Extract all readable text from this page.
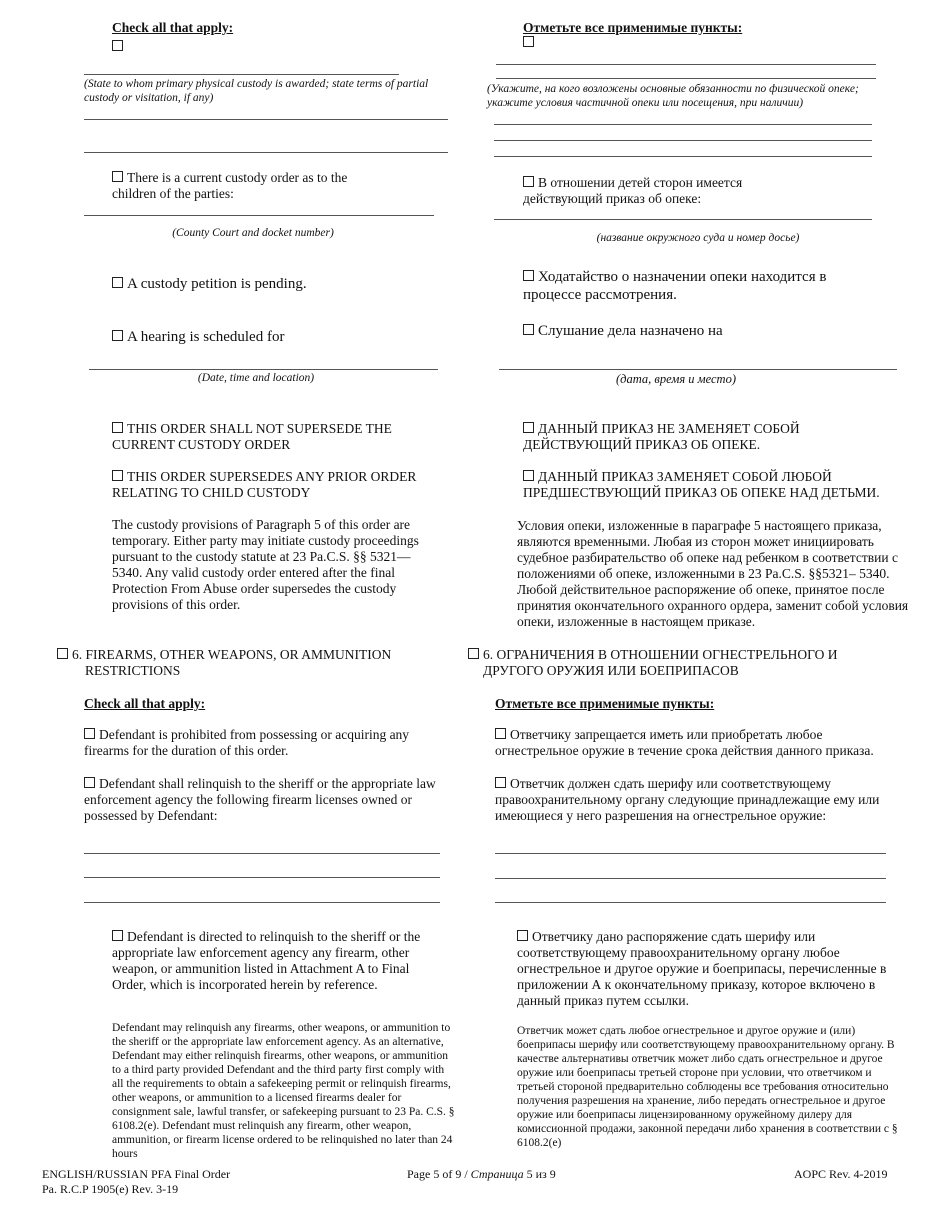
Check all that apply:
(State to whom primary physical custody is awarded; state terms of partial custody or visitation, if any)
There is a current custody order as to the children of the parties:
(County Court and docket number)
A custody petition is pending.
A hearing is scheduled for
(Date, time and location)
THIS ORDER SHALL NOT SUPERSEDE THE CURRENT CUSTODY ORDER
THIS ORDER SUPERSEDES ANY PRIOR ORDER RELATING TO CHILD CUSTODY
The custody provisions of Paragraph 5 of this order are temporary. Either party may initiate custody proceedings pursuant to the custody statute at 23 Pa.C.S. §§ 5321—5340. Any valid custody order entered after the final Protection From Abuse order supersedes the custody provisions of this order.
6. FIREARMS, OTHER WEAPONS, OR AMMUNITION RESTRICTIONS
Check all that apply:
Defendant is prohibited from possessing or acquiring any firearms for the duration of this order.
Defendant shall relinquish to the sheriff or the appropriate law enforcement agency the following firearm licenses owned or possessed by Defendant:
Defendant is directed to relinquish to the sheriff or the appropriate law enforcement agency any firearm, other weapon, or ammunition listed in Attachment A to Final Order, which is incorporated herein by reference.
Defendant may relinquish any firearms, other weapons, or ammunition to the sheriff or the appropriate law enforcement agency. As an alternative, Defendant may either relinquish firearms, other weapons, or ammunition to a third party provided Defendant and the third party first comply with all the requirements to obtain a safekeeping permit or relinquish firearms, other weapons, or ammunition to a licensed firearms dealer for consignment sale, lawful transfer, or safekeeping pursuant to 23 Pa. C.S. § 6108.2(e). Defendant must relinquish any firearm, other weapon, ammunition, or firearm license ordered to be relinquished no later than 24 hours
Отметьте все применимые пункты:
(Укажите, на кого возложены основные обязанности по физической опеке; укажите условия частичной опеки или посещения, при наличии)
В отношении детей сторон имеется действующий приказ об опеке:
(название окружного суда и номер досье)
Ходатайство о назначении опеки находится в процессе рассмотрения.
Слушание дела назначено на
(дата, время и место)
ДАННЫЙ ПРИКАЗ НЕ ЗАМЕНЯЕТ СОБОЙ ДЕЙСТВУЮЩИЙ ПРИКАЗ ОБ ОПЕКЕ.
ДАННЫЙ ПРИКАЗ ЗАМЕНЯЕТ СОБОЙ ЛЮБОЙ ПРЕДШЕСТВУЮЩИЙ ПРИКАЗ ОБ ОПЕКЕ НАД ДЕТЬМИ.
Условия опеки, изложенные в параграфе 5 настоящего приказа, являются временными. Любая из сторон может инициировать судебное разбирательство об опеке над ребенком в соответствии с положениями об опеке, изложенными в 23 Pa.C.S. §§5321– 5340. Любой действительное распоряжение об опеке, принятое после принятия окончательного охранного ордера, заменит собой условия опеки, изложенные в настоящем приказе.
6. ОГРАНИЧЕНИЯ В ОТНОШЕНИИ ОГНЕСТРЕЛЬНОГО И ДРУГОГО ОРУЖИЯ ИЛИ БОЕПРИПАСОВ
Отметьте все применимые пункты:
Ответчику запрещается иметь или приобретать любое огнестрельное оружие в течение срока действия данного приказа.
Ответчик должен сдать шерифу или соответствующему правоохранительному органу следующие принадлежащие ему или имеющиеся у него разрешения на огнестрельное оружие:
Ответчику дано распоряжение сдать шерифу или соответствующему правоохранительному органу любое огнестрельное и другое оружие и боеприпасы, перечисленные в приложении А к окончательному приказу, которое включено в данный приказ путем ссылки.
Ответчик может сдать любое огнестрельное и другое оружие и (или) боеприпасы шерифу или соответствующему правоохранительному органу. В качестве альтернативы ответчик может либо сдать огнестрельное и другое оружие или боеприпасы третьей стороне при условии, что ответчиком и третьей стороной предварительно соблюдены все требования относительно получения разрешения на хранение, либо передать огнестрельное и другое оружие или боеприпасы лицензированному оружейному дилеру для комиссионной продажи, законной передачи либо хранения в соответствии с § 6108.2(e)
ENGLISH/RUSSIAN PFA Final Order
Pa. R.C.P 1905(e) Rev. 3-19
Page 5 of 9 / Страница 5 из 9	AOPC Rev. 4-2019
